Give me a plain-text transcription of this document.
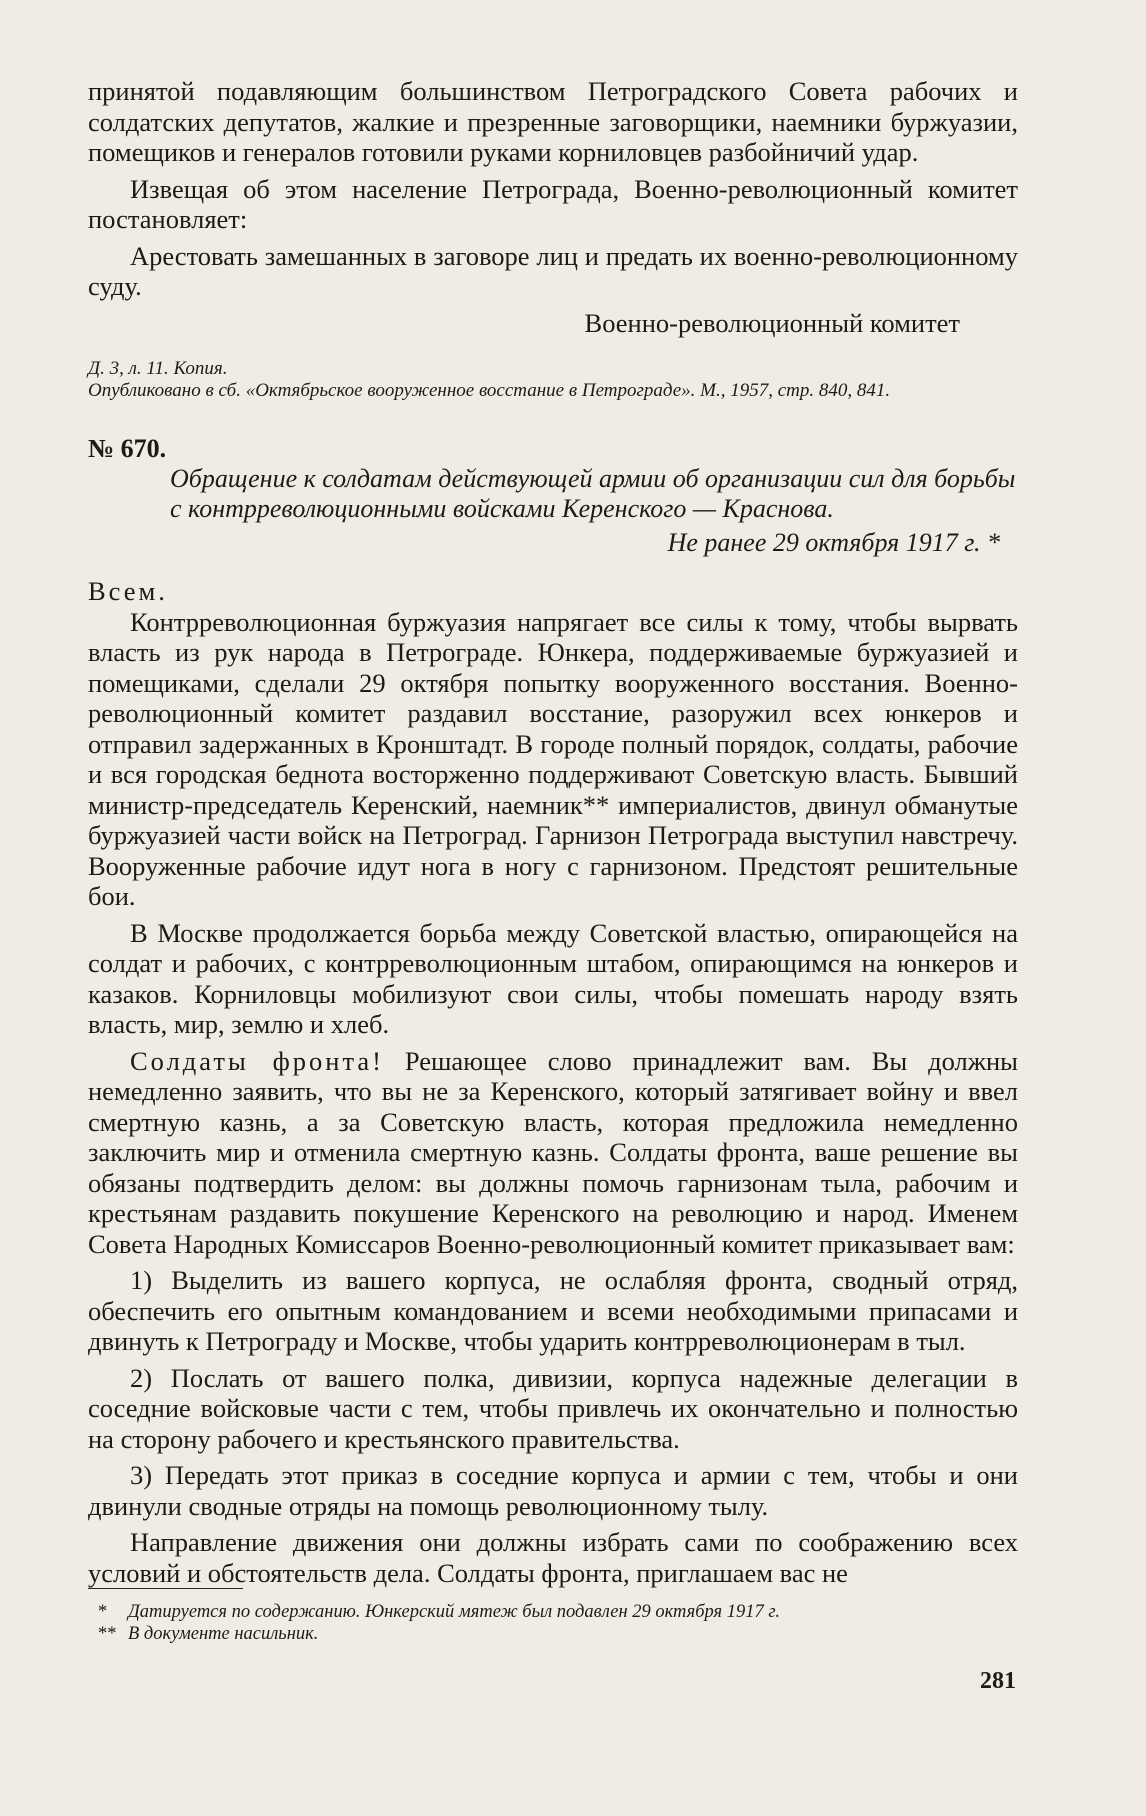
принятой подавляющим большинством Петроградского Совета рабочих и солдатских депутатов, жалкие и презренные заговорщики, наемники буржуазии, помещиков и генералов готовили руками корниловцев разбойничий удар.

Извещая об этом население Петрограда, Военно-революционный комитет постановляет:

Арестовать замешанных в заговоре лиц и предать их военно-революционному суду.

Военно-революционный комитет

Д. 3, л. 11. Копия.
Опубликовано в сб. «Октябрьское вооруженное восстание в Петрограде». М., 1957, стр. 840, 841.
№ 670.
Обращение к солдатам действующей армии об организации сил для борьбы с контрреволюционными войсками Керенского — Краснова.
Не ранее 29 октября 1917 г. *
Всем.

Контрреволюционная буржуазия напрягает все силы к тому, чтобы вырвать власть из рук народа в Петрограде. Юнкера, поддерживаемые буржуазией и помещиками, сделали 29 октября попытку вооруженного восстания. Военно-революционный комитет раздавил восстание, разоружил всех юнкеров и отправил задержанных в Кронштадт. В городе полный порядок, солдаты, рабочие и вся городская беднота восторженно поддерживают Советскую власть. Бывший министр-председатель Керенский, наемник** империалистов, двинул обманутые буржуазией части войск на Петроград. Гарнизон Петрограда выступил навстречу. Вооруженные рабочие идут нога в ногу с гарнизоном. Предстоят решительные бои.

В Москве продолжается борьба между Советской властью, опирающейся на солдат и рабочих, с контрреволюционным штабом, опирающимся на юнкеров и казаков. Корниловцы мобилизуют свои силы, чтобы помешать народу взять власть, мир, землю и хлеб.

Солдаты фронта! Решающее слово принадлежит вам. Вы должны немедленно заявить, что вы не за Керенского, который затягивает войну и ввел смертную казнь, а за Советскую власть, которая предложила немедленно заключить мир и отменила смертную казнь. Солдаты фронта, ваше решение вы обязаны подтвердить делом: вы должны помочь гарнизонам тыла, рабочим и крестьянам раздавить покушение Керенского на революцию и народ. Именем Совета Народных Комиссаров Военно-революционный комитет приказывает вам:

1) Выделить из вашего корпуса, не ослабляя фронта, сводный отряд, обеспечить его опытным командованием и всеми необходимыми припасами и двинуть к Петрограду и Москве, чтобы ударить контрреволюционерам в тыл.

2) Послать от вашего полка, дивизии, корпуса надежные делегации в соседние войсковые части с тем, чтобы привлечь их окончательно и полностью на сторону рабочего и крестьянского правительства.

3) Передать этот приказ в соседние корпуса и армии с тем, чтобы и они двинули сводные отряды на помощь революционному тылу.

Направление движения они должны избрать сами по соображению всех условий и обстоятельств дела. Солдаты фронта, приглашаем вас не

* Датируется по содержанию. Юнкерский мятеж был подавлен 29 октября 1917 г.
** В документе насильник.
281
